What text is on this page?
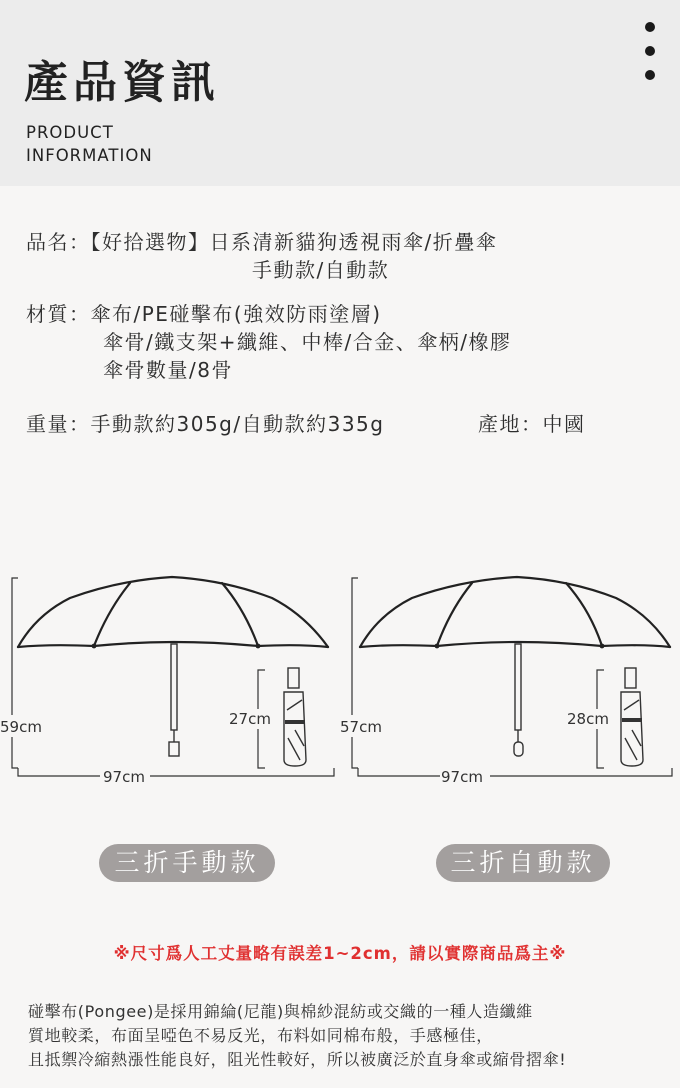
產品資訊
PRODUCT
INFORMATION
品名：【好拾選物】日系清新貓狗透視雨傘/折疊傘
手動款/自動款
材質：傘布/PE碰擊布(強效防雨塗層)
傘骨/鐵支架+纖維、中棒/合金、傘柄/橡膠
傘骨數量/8骨
重量：手動款約305g/自動款約335g	產地：中國
59cm
97cm
27cm	57cm
97cm
28cm
三折手動款	三折自動款
※尺寸爲人工丈量略有誤差1~2cm，請以實際商品爲主※
碰擊布(Pongee)是採用錦綸(尼龍)與棉紗混紡或交織的一種人造纖維
質地較柔，布面呈啞色不易反光，布料如同棉布般，手感極佳，
且抵禦冷縮熱漲性能良好，阻光性較好，所以被廣泛於直身傘或縮骨摺傘!
